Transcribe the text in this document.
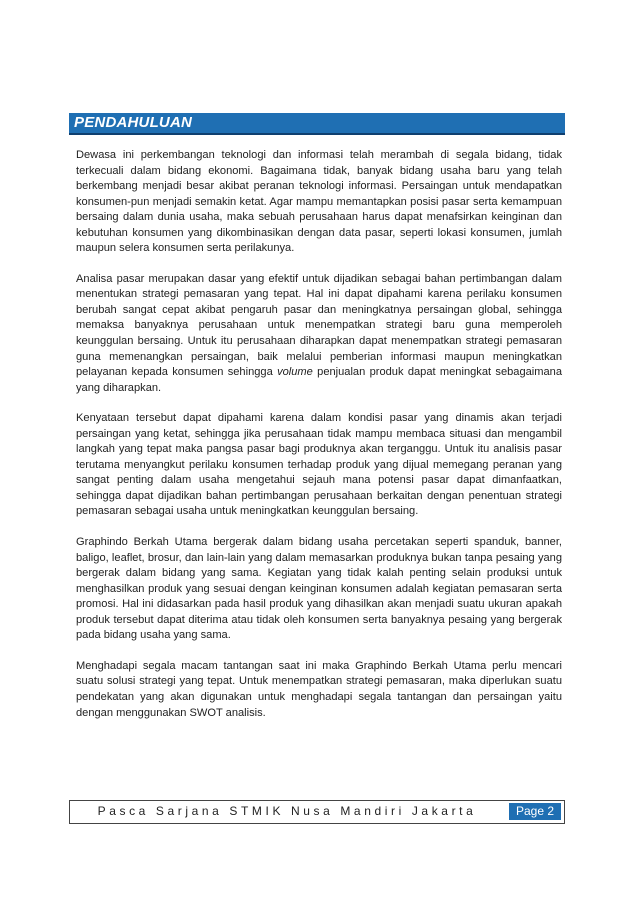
PENDAHULUAN

Dewasa ini perkembangan teknologi dan informasi telah merambah di segala bidang, tidak terkecuali dalam bidang ekonomi. Bagaimana tidak, banyak bidang usaha baru yang telah berkembang menjadi besar akibat peranan teknologi informasi. Persaingan untuk mendapatkan konsumen-pun menjadi semakin ketat. Agar mampu memantapkan posisi pasar serta kemampuan bersaing dalam dunia usaha, maka sebuah perusahaan harus dapat menafsirkan keinginan dan kebutuhan konsumen yang dikombinasikan dengan data pasar, seperti lokasi konsumen, jumlah maupun selera konsumen serta perilakunya.

Analisa pasar merupakan dasar yang efektif untuk dijadikan sebagai bahan pertimbangan dalam menentukan strategi pemasaran yang tepat. Hal ini dapat dipahami karena perilaku konsumen berubah sangat cepat akibat pengaruh pasar dan meningkatnya persaingan global, sehingga memaksa banyaknya perusahaan untuk menempatkan strategi baru guna memperoleh keunggulan bersaing. Untuk itu perusahaan diharapkan dapat menempatkan strategi pemasaran guna memenangkan persaingan, baik melalui pemberian informasi maupun meningkatkan pelayanan kepada konsumen sehingga volume penjualan produk dapat meningkat sebagaimana yang diharapkan.

Kenyataan tersebut dapat dipahami karena dalam kondisi pasar yang dinamis akan terjadi persaingan yang ketat, sehingga jika perusahaan tidak mampu membaca situasi dan mengambil langkah yang tepat maka pangsa pasar bagi produknya akan terganggu. Untuk itu analisis pasar terutama menyangkut perilaku konsumen terhadap produk yang dijual memegang peranan yang sangat penting dalam usaha mengetahui sejauh mana potensi pasar dapat dimanfaatkan, sehingga dapat dijadikan bahan pertimbangan perusahaan berkaitan dengan penentuan strategi pemasaran sebagai usaha untuk meningkatkan keunggulan bersaing.

Graphindo Berkah Utama bergerak dalam bidang usaha percetakan seperti spanduk, banner, baligo, leaflet, brosur, dan lain-lain yang dalam memasarkan produknya bukan tanpa pesaing yang bergerak dalam bidang yang sama. Kegiatan yang tidak kalah penting selain produksi untuk menghasilkan produk yang sesuai dengan keinginan konsumen adalah kegiatan pemasaran serta promosi. Hal ini didasarkan pada hasil produk yang dihasilkan akan menjadi suatu ukuran apakah produk tersebut dapat diterima atau tidak oleh konsumen serta banyaknya pesaing yang bergerak pada bidang usaha yang sama.

Menghadapi segala macam tantangan saat ini maka Graphindo Berkah Utama perlu mencari suatu solusi strategi yang tepat. Untuk menempatkan strategi pemasaran, maka diperlukan suatu pendekatan yang akan digunakan untuk menghadapi segala tantangan dan persaingan yaitu dengan menggunakan SWOT analisis.

Pasca Sarjana STMIK Nusa Mandiri Jakarta	Page 2
